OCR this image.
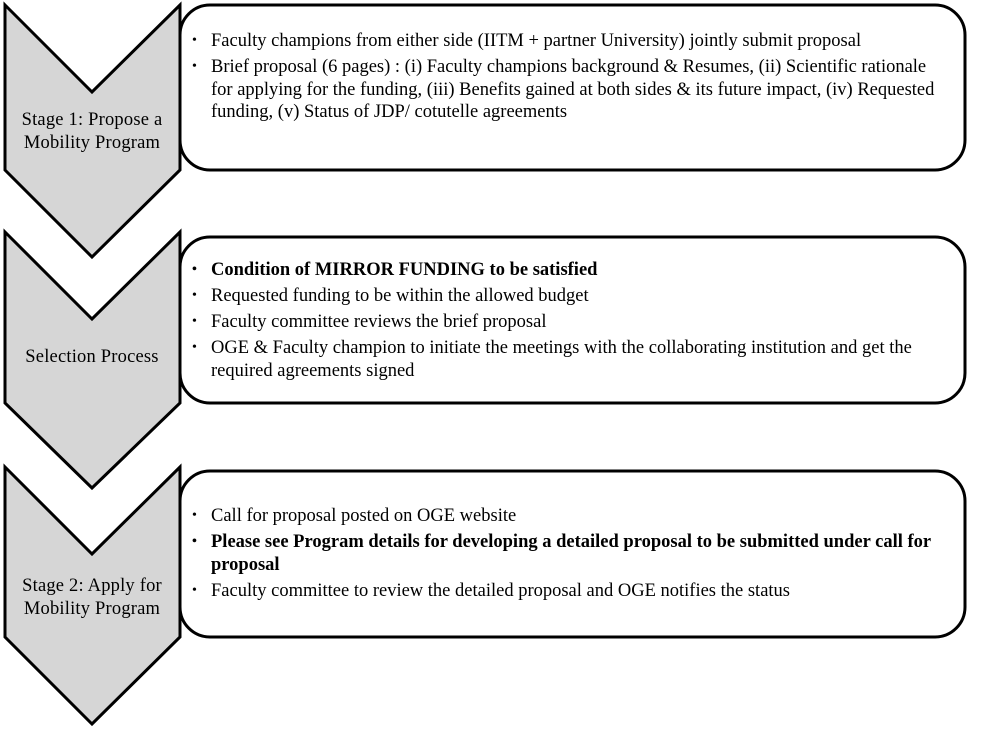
Stage 1: Propose a
Mobility Program
• Faculty champions from either side (IITM + partner University) jointly submit proposal
• Brief proposal (6 pages) : (i) Faculty champions background & Resumes, (ii) Scientific rationale for applying for the funding, (iii) Benefits gained at both sides & its future impact, (iv) Requested funding, (v) Status of JDP/ cotutelle agreements
Selection Process
• Condition of MIRROR FUNDING to be satisfied
• Requested funding to be within the allowed budget
• Faculty committee reviews the brief proposal
• OGE & Faculty champion to initiate the meetings with the collaborating institution and get the required agreements signed
Stage 2: Apply for
Mobility Program
• Call for proposal posted on OGE website
• Please see Program details for developing a detailed proposal to be submitted under call for proposal
• Faculty committee to review the detailed proposal and OGE notifies the status
